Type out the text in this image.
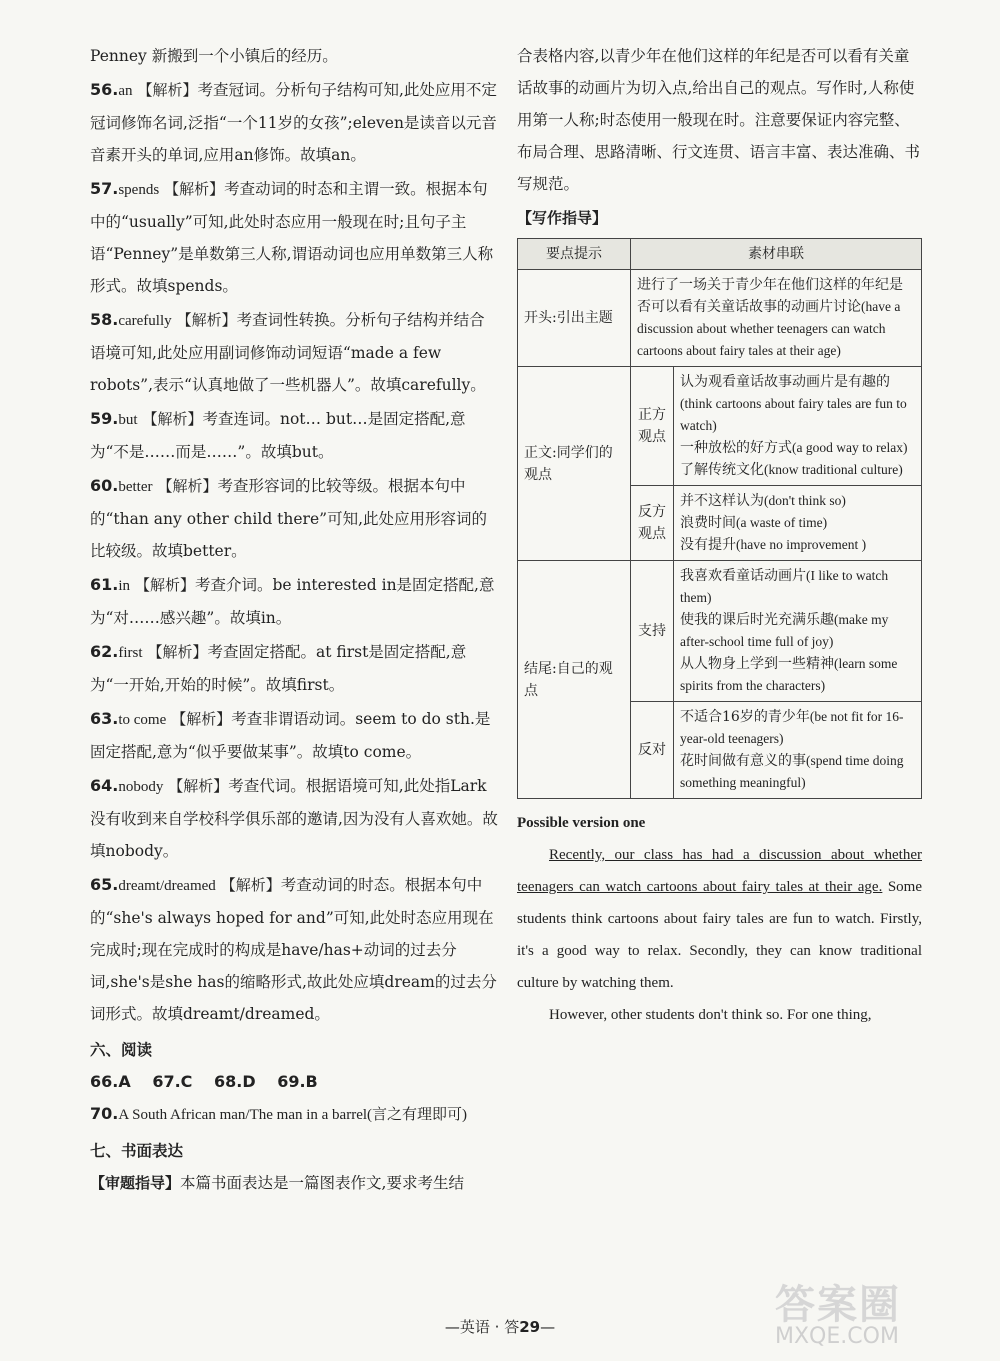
Penney 新搬到一个小镇后的经历。
56.an 【解析】考查冠词。分析句子结构可知,此处应用不定冠词修饰名词,泛指“一个11岁的女孩”;eleven是读音以元音音素开头的单词,应用an修饰。故填an。
57.spends 【解析】考查动词的时态和主谓一致。根据本句中的“usually”可知,此处时态应用一般现在时;且句子主语“Penney”是单数第三人称,谓语动词也应用单数第三人称形式。故填spends。
58.carefully 【解析】考查词性转换。分析句子结构并结合语境可知,此处应用副词修饰动词短语“made a few robots”,表示“认真地做了一些机器人”。故填carefully。
59.but 【解析】考查连词。not… but…是固定搭配,意为“不是……而是……”。故填but。
60.better 【解析】考查形容词的比较等级。根据本句中的“than any other child there”可知,此处应用形容词的比较级。故填better。
61.in 【解析】考查介词。be interested in是固定搭配,意为“对……感兴趣”。故填in。
62.first 【解析】考查固定搭配。at first是固定搭配,意为“一开始,开始的时候”。故填first。
63.to come 【解析】考查非谓语动词。seem to do sth.是固定搭配,意为“似乎要做某事”。故填to come。
64.nobody 【解析】考查代词。根据语境可知,此处指Lark没有收到来自学校科学俱乐部的邀请,因为没有人喜欢她。故填nobody。
65.dreamt/dreamed 【解析】考查动词的时态。根据本句中的“she's always hoped for and”可知,此处时态应用现在完成时;现在完成时的构成是have/has+动词的过去分词,she's是she has的缩略形式,故此处应填dream的过去分词形式。故填dreamt/dreamed。
六、阅读
66.A 67.C 68.D 69.B
70.A South African man/The man in a barrel(言之有理即可)
七、书面表达
【审题指导】本篇书面表达是一篇图表作文,要求考生结
合表格内容,以青少年在他们这样的年纪是否可以看有关童话故事的动画片为切入点,给出自己的观点。写作时,人称使用第一人称;时态使用一般现在时。注意要保证内容完整、布局合理、思路清晰、行文连贯、语言丰富、表达准确、书写规范。
【写作指导】
要点提示	素材串联	
开头:引出主题	进行了一场关于青少年在他们这样的年纪是否可以看有关童话故事的动画片讨论(have a discussion about whether teenagers can watch cartoons about fairy tales at their age)	
正文:同学们的观点	正方观点	认为观看童话故事动画片是有趣的(think cartoons about fairy tales are fun to watch)
一种放松的好方式(a good way to relax)
了解传统文化(know traditional culture)

	反方观点	并不这样认为(don't think so)
浪费时间(a waste of time)
没有提升(have no improvement )

结尾:自己的观点	支持	我喜欢看童话动画片(I like to watch them)
使我的课后时光充满乐趣(make my after-school time full of joy)
从人物身上学到一些精神(learn some spirits from the characters)

	反对	不适合16岁的青少年(be not fit for 16-year-old teenagers)
花时间做有意义的事(spend time doing something meaningful)
Possible version one
Recently, our class has had a discussion about whether teenagers can watch cartoons about fairy tales at their age. Some students think cartoons about fairy tales are fun to watch. Firstly, it's a good way to relax. Secondly, they can know traditional culture by watching them.
However, other students don't think so. For one thing,
—英语 · 答29—	答案圈
MXQE.COM
